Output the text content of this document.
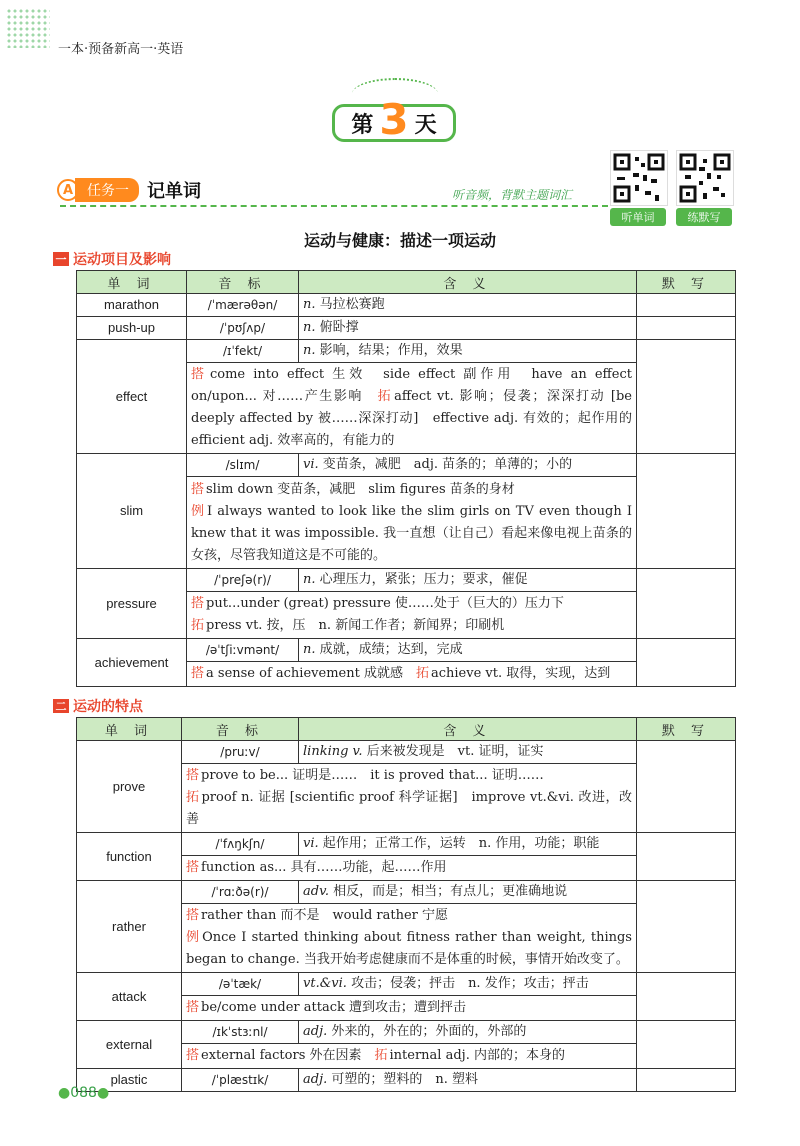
一本·预备新高一·英语
第 3 天
听单词	练默写
A 任务一	记单词	听音频，背默主题词汇
运动与健康：描述一项运动
一 运动项目及影响
单 词	音 标	含 义	默 写
marathon	/ˈmærəθən/	n. 马拉松赛跑	
push-up	/ˈpʊʃʌp/	n. 俯卧撑	
effect	/ɪˈfekt/	n. 影响，结果；作用，效果	
	搭 come into effect 生效　side effect 副作用　have an effect on/upon... 对……产生影响　 拓 affect vt. 影响；侵袭；深深打动 [be deeply affected by 被……深深打动]　effective adj. 有效的；起作用的　efficient adj. 效率高的，有能力的		
slim	/slɪm/	vi. 变苗条，减肥　adj. 苗条的；单薄的；小的	
	搭 slim down 变苗条，减肥　slim figures 苗条的身材
例 I always wanted to look like the slim girls on TV even though I knew that it was impossible. 我一直想（让自己）看起来像电视上苗条的女孩，尽管我知道这是不可能的。		
pressure	/ˈpreʃə(r)/	n. 心理压力，紧张；压力；要求，催促	
	搭 put...under (great) pressure 使……处于（巨大的）压力下
拓 press vt. 按，压　n. 新闻工作者；新闻界；印刷机		
achievement	/əˈtʃiːvmənt/	n. 成就，成绩；达到，完成	
	搭 a sense of achievement 成就感　拓 achieve vt. 取得，实现，达到		
二 运动的特点
单 词	音 标	含 义	默 写
prove	/pruːv/	linking v. 后来被发现是　vt. 证明，证实	
	搭 prove to be... 证明是……　it is proved that... 证明……
拓 proof n. 证据 [scientific proof 科学证据]　improve vt.&vi. 改进，改善		
function	/ˈfʌŋkʃn/	vi. 起作用；正常工作，运转　n. 作用，功能；职能	
	搭 function as... 具有……功能，起……作用		
rather	/ˈrɑːðə(r)/	adv. 相反，而是；相当；有点儿；更准确地说	
	搭 rather than 而不是　would rather 宁愿
例 Once I started thinking about fitness rather than weight, things began to change. 当我开始考虑健康而不是体重的时候，事情开始改变了。		
attack	/əˈtæk/	vt.&vi. 攻击；侵袭；抨击　n. 发作；攻击；抨击	
	搭 be/come under attack 遭到攻击；遭到抨击		
external	/ɪkˈstɜːnl/	adj. 外来的，外在的；外面的，外部的	
	搭 external factors 外在因素　拓 internal adj. 内部的；本身的		
plastic	/ˈplæstɪk/	adj. 可塑的；塑料的　n. 塑料	
●088●
